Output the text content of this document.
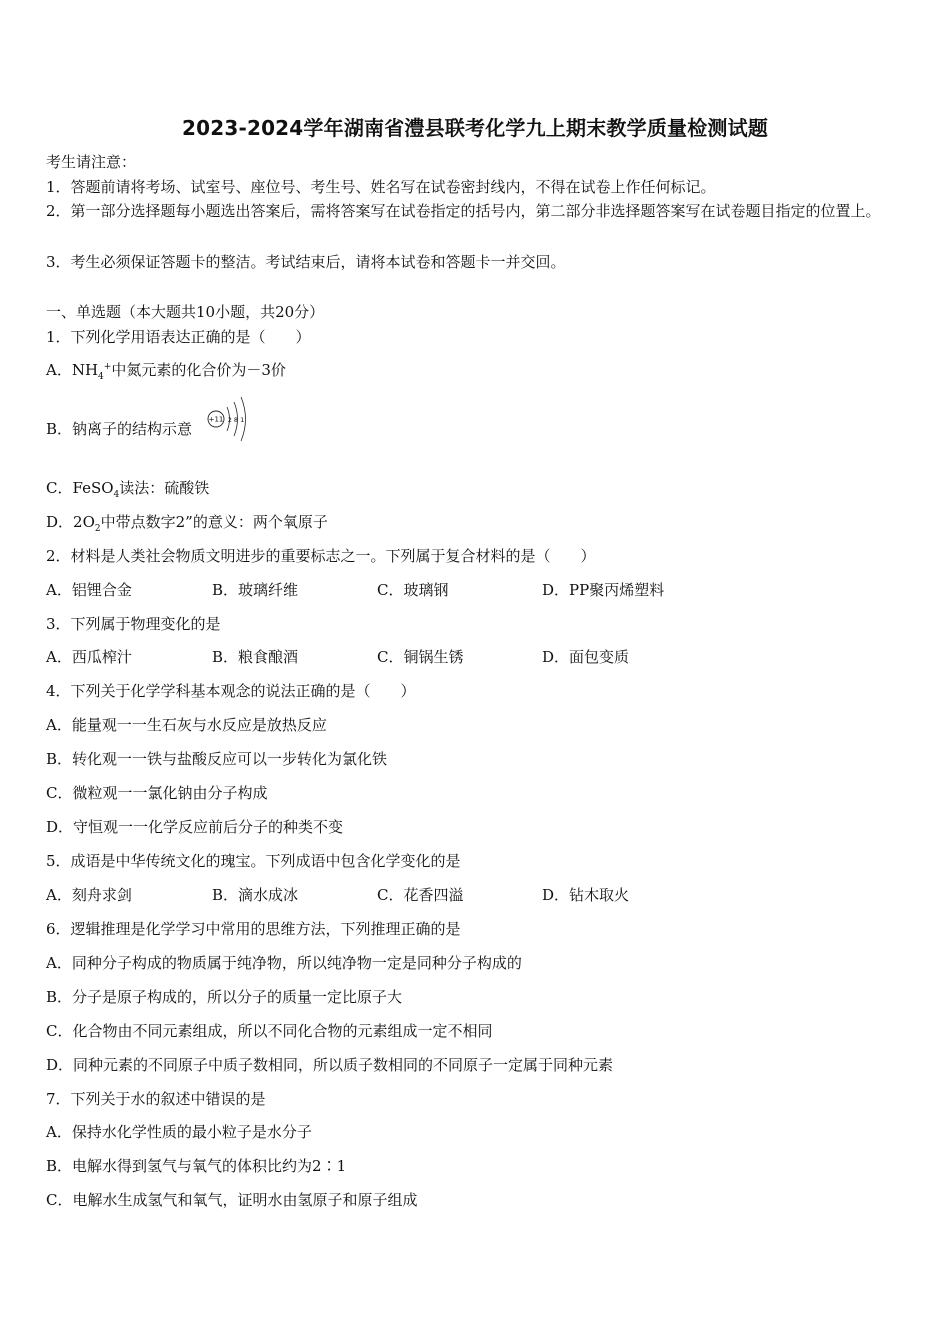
2023-2024学年湖南省澧县联考化学九上期末教学质量检测试题
考生请注意：
1．答题前请将考场、试室号、座位号、考生号、姓名写在试卷密封线内，不得在试卷上作任何标记。
2．第一部分选择题每小题选出答案后，需将答案写在试卷指定的括号内，第二部分非选择题答案写在试卷题目指定的位置上。
3．考生必须保证答题卡的整洁。考试结束后，请将本试卷和答题卡一并交回。
一、单选题（本大题共10小题，共20分）
1．下列化学用语表达正确的是（　　）
A．$NH_4^+$中氮元素的化合价为－3价
B．钠离子的结构示意
+11 2 8 1
C．FeSO$_4$读法：硫酸铁
D．$2O_2$中带点数字2”的意义：两个氧原子
2．材料是人类社会物质文明进步的重要标志之一。下列属于复合材料的是（　　）
A．铝锂合金	B．玻璃纤维	C．玻璃钢	D．PP聚丙烯塑料
3．下列属于物理变化的是
A．西瓜榨汁	B．粮食酿酒	C．铜锅生锈	D．面包变质
4．下列关于化学学科基本观念的说法正确的是（　　）
A．能量观一一生石灰与水反应是放热反应
B．转化观一一铁与盐酸反应可以一步转化为氯化铁
C．微粒观一一氯化钠由分子构成
D．守恒观一一化学反应前后分子的种类不变
5．成语是中华传统文化的瑰宝。下列成语中包含化学变化的是
A．刻舟求剑	B．滴水成冰	C．花香四溢	D．钻木取火
6．逻辑推理是化学学习中常用的思维方法，下列推理正确的是
A．同种分子构成的物质属于纯净物，所以纯净物一定是同种分子构成的
B．分子是原子构成的，所以分子的质量一定比原子大
C．化合物由不同元素组成，所以不同化合物的元素组成一定不相同
D．同种元素的不同原子中质子数相同，所以质子数相同的不同原子一定属于同种元素
7．下列关于水的叙述中错误的是
A．保持水化学性质的最小粒子是水分子
B．电解水得到氢气与氧气的体积比约为2∶1
C．电解水生成氢气和氧气，证明水由氢原子和原子组成
